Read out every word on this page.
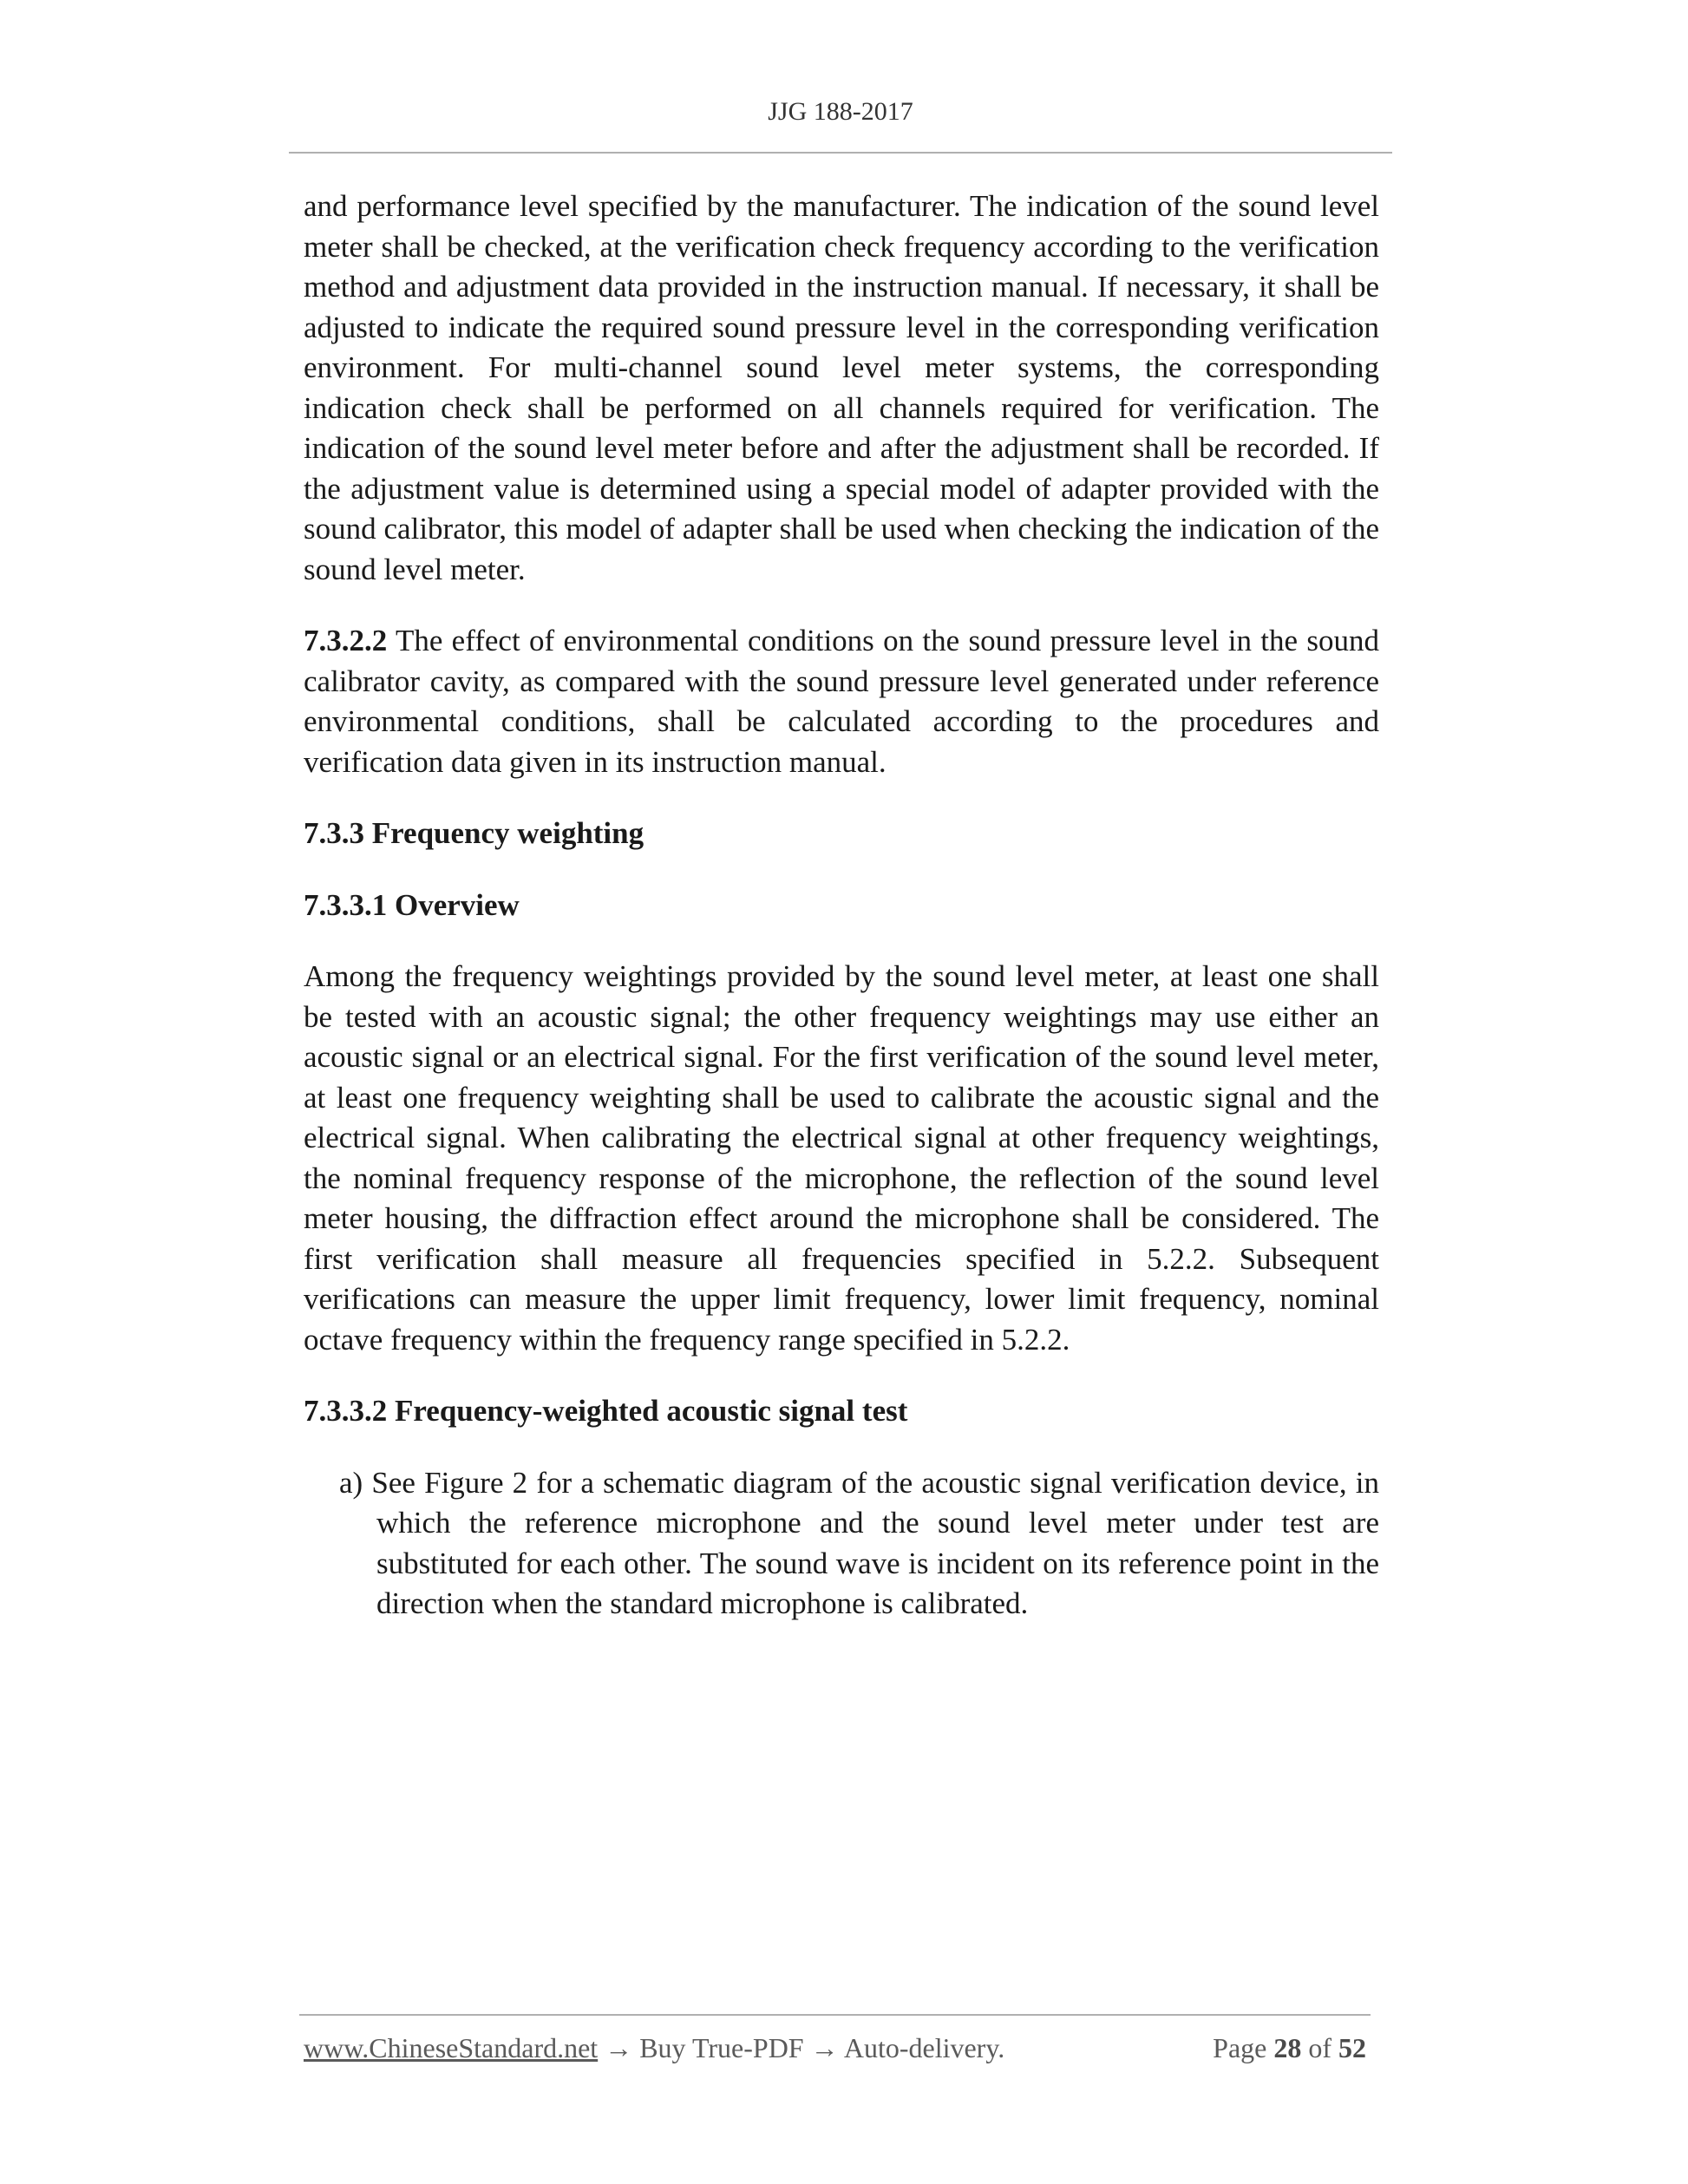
JJG 188-2017

and performance level specified by the manufacturer. The indication of the sound level meter shall be checked, at the verification check frequency according to the verification method and adjustment data provided in the instruction manual. If necessary, it shall be adjusted to indicate the required sound pressure level in the corresponding verification environment. For multi-channel sound level meter systems, the corresponding indication check shall be performed on all channels required for verification. The indication of the sound level meter before and after the adjustment shall be recorded. If the adjustment value is determined using a special model of adapter provided with the sound calibrator, this model of adapter shall be used when checking the indication of the sound level meter.

7.3.2.2 The effect of environmental conditions on the sound pressure level in the sound calibrator cavity, as compared with the sound pressure level generated under reference environmental conditions, shall be calculated according to the procedures and verification data given in its instruction manual.

7.3.3 Frequency weighting

7.3.3.1 Overview

Among the frequency weightings provided by the sound level meter, at least one shall be tested with an acoustic signal; the other frequency weightings may use either an acoustic signal or an electrical signal. For the first verification of the sound level meter, at least one frequency weighting shall be used to calibrate the acoustic signal and the electrical signal. When calibrating the electrical signal at other frequency weightings, the nominal frequency response of the microphone, the reflection of the sound level meter housing, the diffraction effect around the microphone shall be considered. The first verification shall measure all frequencies specified in 5.2.2. Subsequent verifications can measure the upper limit frequency, lower limit frequency, nominal octave frequency within the frequency range specified in 5.2.2.

7.3.3.2 Frequency-weighted acoustic signal test

a) See Figure 2 for a schematic diagram of the acoustic signal verification device, in which the reference microphone and the sound level meter under test are substituted for each other. The sound wave is incident on its reference point in the direction when the standard microphone is calibrated.

www.ChineseStandard.net → Buy True-PDF → Auto-delivery.	Page 28 of 52
